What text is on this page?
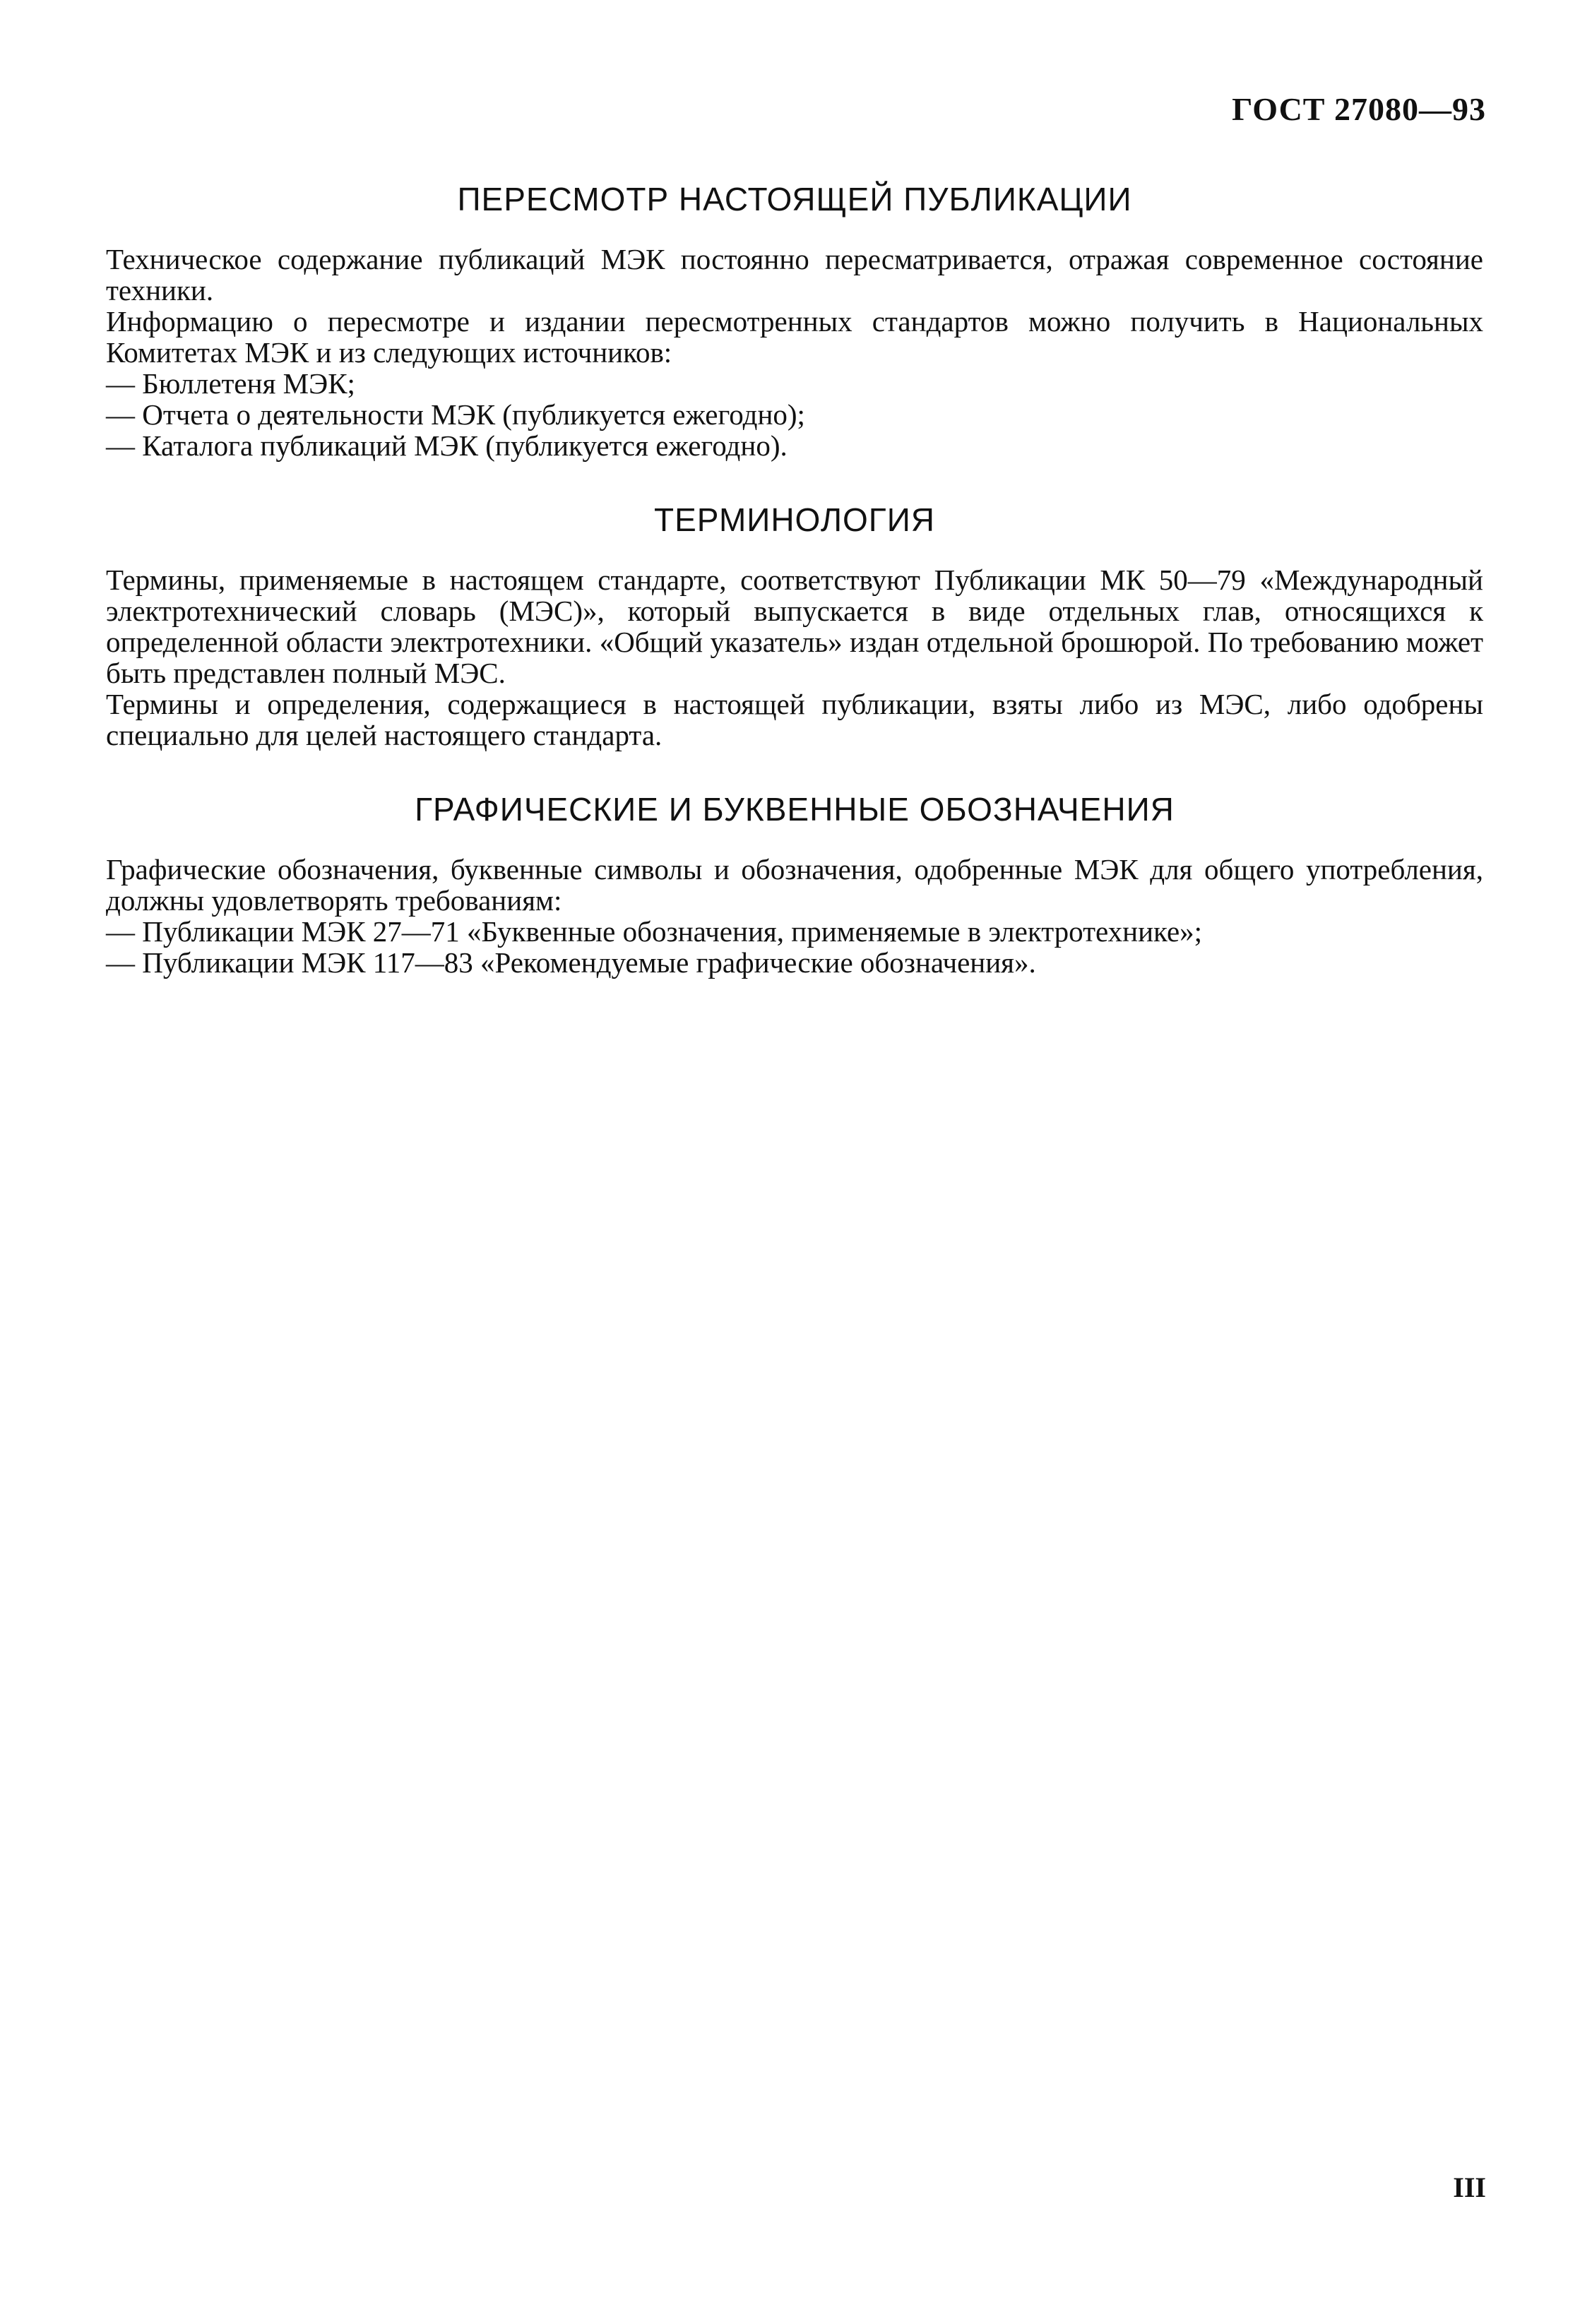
ГОСТ 27080—93
ПЕРЕСМОТР НАСТОЯЩЕЙ ПУБЛИКАЦИИ

Техническое содержание публикаций МЭК постоянно пересматривается, отражая современное состояние техники.

Информацию о пересмотре и издании пересмотренных стандартов можно получить в Национальных Комитетах МЭК и из следующих источников:

— Бюллетеня МЭК;

— Отчета о деятельности МЭК (публикуется ежегодно);

— Каталога публикаций МЭК (публикуется ежегодно).

ТЕРМИНОЛОГИЯ

Термины, применяемые в настоящем стандарте, соответствуют Публикации МК 50—79 «Международный электротехнический словарь (МЭС)», который выпускается в виде отдельных глав, относящихся к определенной области электротехники. «Общий указатель» издан отдельной брошюрой. По требованию может быть представлен полный МЭС.

Термины и определения, содержащиеся в настоящей публикации, взяты либо из МЭС, либо одобрены специально для целей настоящего стандарта.

ГРАФИЧЕСКИЕ И БУКВЕННЫЕ ОБОЗНАЧЕНИЯ

Графические обозначения, буквенные символы и обозначения, одобренные МЭК для общего употребления, должны удовлетворять требованиям:

— Публикации МЭК 27—71 «Буквенные обозначения, применяемые в электротехнике»;

— Публикации МЭК 117—83 «Рекомендуемые графические обозначения».

III
